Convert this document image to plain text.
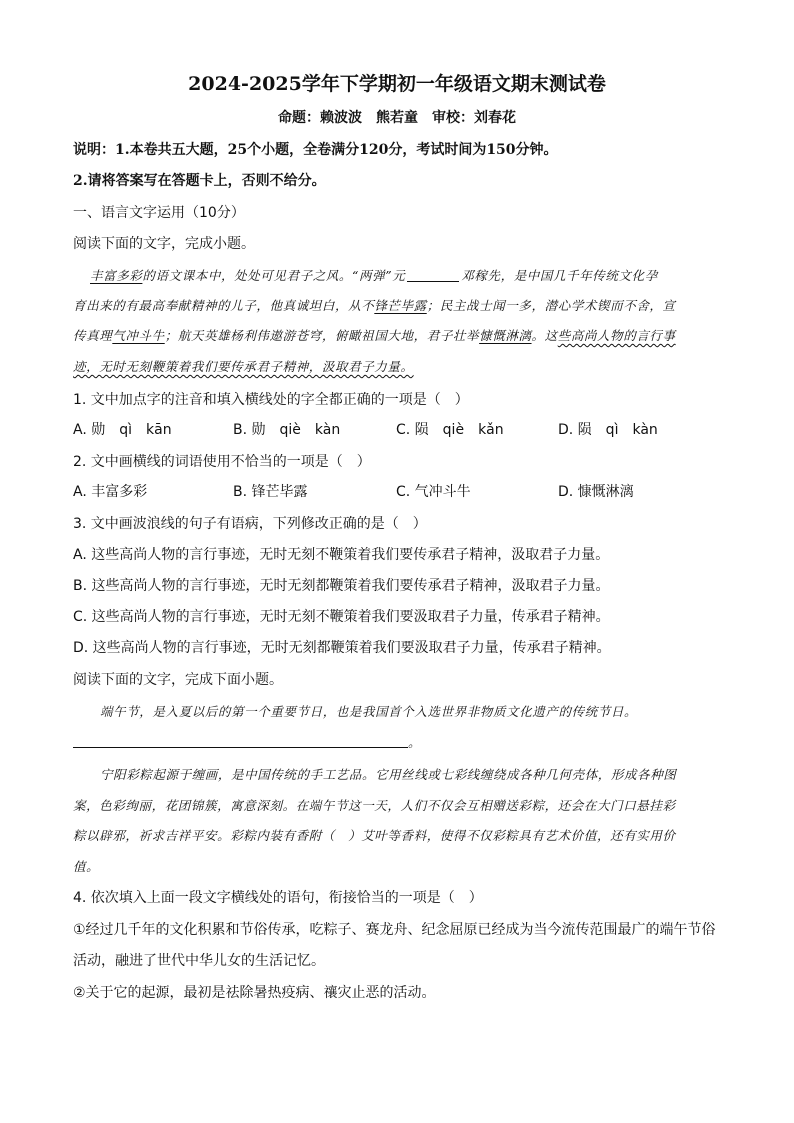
2024-2025学年下学期初一年级语文期末测试卷
命题：赖波波　熊若童　审校：刘春花
说明：1.本卷共五大题，25个小题，全卷满分120分，考试时间为150分钟。
2.请将答案写在答题卡上，否则不给分。
一、语言文字运用（10分）
阅读下面的文字，完成小题。
丰富多彩的语文课本中，处处可见君子之风。“两弹”元	邓稼先，是中国几千年传统文化孕
育出来的有最高奉献精神的儿子，他真诚坦白，从不锋芒毕露；民主战士闻一多，潜心学术锲而不舍，宣
传真理气冲斗牛；航天英雄杨利伟遨游苍穹，俯瞰祖国大地，君子壮举慷慨淋漓。这些高尚人物的言行事
迹，无时无刻鞭策着我们要传承君子精神，汲取君子力量。
1. 文中加点字的注音和填入横线处的字全都正确的一项是（　）
A. 勋　qì　kān	B. 勋　qiè　kàn	C. 陨　qiè　kǎn	D. 陨　qì　kàn
2. 文中画横线的词语使用不恰当的一项是（　）
A. 丰富多彩	B. 锋芒毕露	C. 气冲斗牛	D. 慷慨淋漓
3. 文中画波浪线的句子有语病，下列修改正确的是（　）
A. 这些高尚人物的言行事迹，无时无刻不鞭策着我们要传承君子精神，汲取君子力量。
B. 这些高尚人物的言行事迹，无时无刻都鞭策着我们要传承君子精神，汲取君子力量。
C. 这些高尚人物的言行事迹，无时无刻不鞭策着我们要汲取君子力量，传承君子精神。
D. 这些高尚人物的言行事迹，无时无刻都鞭策着我们要汲取君子力量，传承君子精神。
阅读下面的文字，完成下面小题。
端午节，是入夏以后的第一个重要节日，也是我国首个入选世界非物质文化遗产的传统节日。
。
宁阳彩粽起源于缠画，是中国传统的手工艺品。它用丝线或七彩线缠绕成各种几何壳体，形成各种图
案，色彩绚丽，花团锦簇，寓意深刻。在端午节这一天，人们不仅会互相赠送彩粽，还会在大门口悬挂彩
粽以辟邪，祈求吉祥平安。彩粽内装有香附（　）艾叶等香料，使得不仅彩粽具有艺术价值，还有实用价
值。
4. 依次填入上面一段文字横线处的语句，衔接恰当的一项是（　）
①经过几千年的文化积累和节俗传承，吃粽子、赛龙舟、纪念屈原已经成为当今流传范围最广的端午节俗
活动，融进了世代中华儿女的生活记忆。
②关于它的起源，最初是祛除暑热疫病、禳灾止恶的活动。
